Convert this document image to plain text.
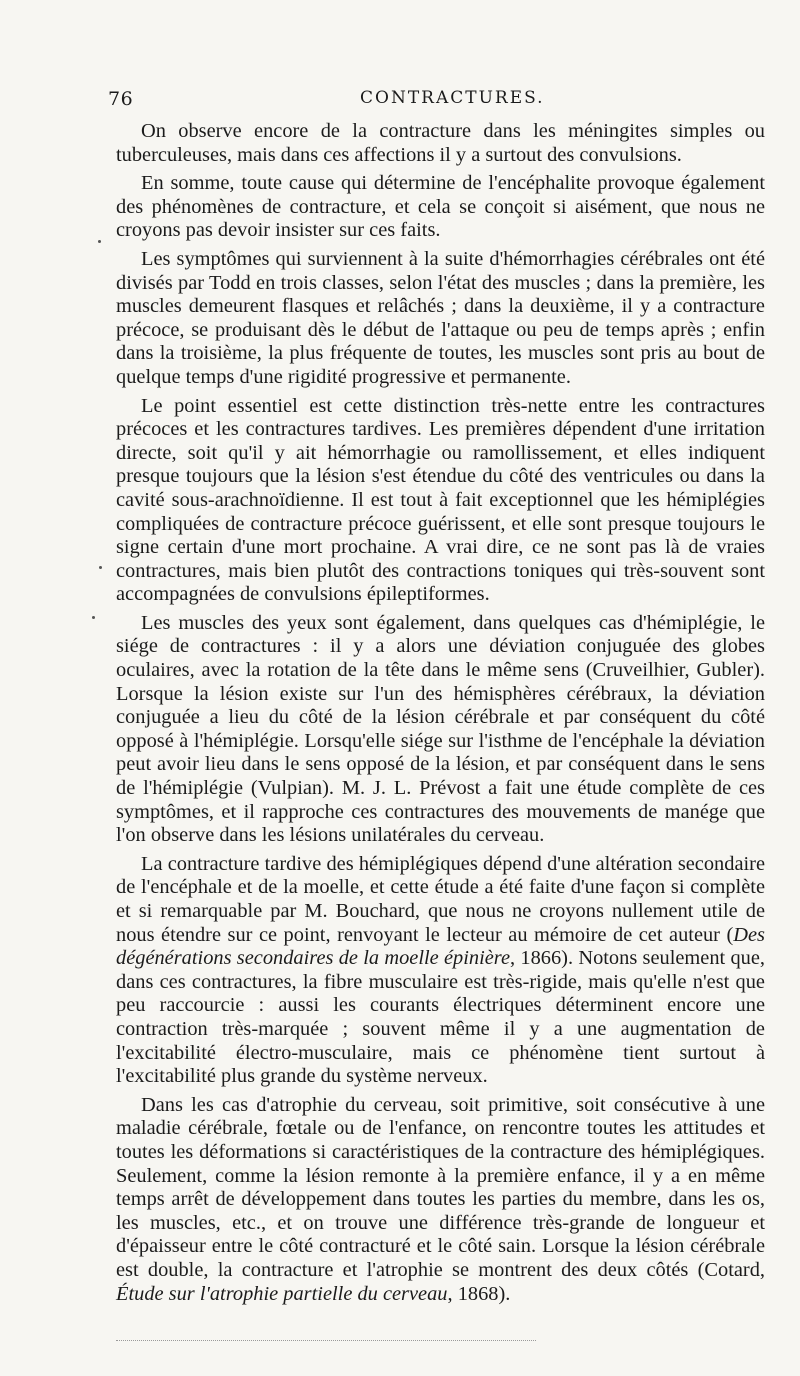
76	CONTRACTURES.

On observe encore de la contracture dans les méningites simples ou tuberculeuses, mais dans ces affections il y a surtout des convulsions.

En somme, toute cause qui détermine de l'encéphalite provoque également des phénomènes de contracture, et cela se conçoit si aisément, que nous ne croyons pas devoir insister sur ces faits.

Les symptômes qui surviennent à la suite d'hémorrhagies cérébrales ont été divisés par Todd en trois classes, selon l'état des muscles ; dans la première, les muscles demeurent flasques et relâchés ; dans la deuxième, il y a contracture précoce, se produisant dès le début de l'attaque ou peu de temps après ; enfin dans la troisième, la plus fréquente de toutes, les muscles sont pris au bout de quelque temps d'une rigidité progressive et permanente.

Le point essentiel est cette distinction très-nette entre les contractures précoces et les contractures tardives. Les premières dépendent d'une irritation directe, soit qu'il y ait hémorrhagie ou ramollissement, et elles indiquent presque toujours que la lésion s'est étendue du côté des ventricules ou dans la cavité sous-arachnoïdienne. Il est tout à fait exceptionnel que les hémiplégies compliquées de contracture précoce guérissent, et elle sont presque toujours le signe certain d'une mort prochaine. A vrai dire, ce ne sont pas là de vraies contractures, mais bien plutôt des contractions toniques qui très-souvent sont accompagnées de convulsions épileptiformes.

Les muscles des yeux sont également, dans quelques cas d'hémiplégie, le siége de contractures : il y a alors une déviation conjuguée des globes oculaires, avec la rotation de la tête dans le même sens (Cruveilhier, Gubler). Lorsque la lésion existe sur l'un des hémisphères cérébraux, la déviation conjuguée a lieu du côté de la lésion cérébrale et par conséquent du côté opposé à l'hémiplégie. Lorsqu'elle siége sur l'isthme de l'encéphale la déviation peut avoir lieu dans le sens opposé de la lésion, et par conséquent dans le sens de l'hémiplégie (Vulpian). M. J. L. Prévost a fait une étude complète de ces symptômes, et il rapproche ces contractures des mouvements de manége que l'on observe dans les lésions unilatérales du cerveau.

La contracture tardive des hémiplégiques dépend d'une altération secondaire de l'encéphale et de la moelle, et cette étude a été faite d'une façon si complète et si remarquable par M. Bouchard, que nous ne croyons nullement utile de nous étendre sur ce point, renvoyant le lecteur au mémoire de cet auteur (Des dégénérations secondaires de la moelle épinière, 1866). Notons seulement que, dans ces contractures, la fibre musculaire est très-rigide, mais qu'elle n'est que peu raccourcie : aussi les courants électriques déterminent encore une contraction très-marquée ; souvent même il y a une augmentation de l'excitabilité électro-musculaire, mais ce phénomène tient surtout à l'excitabilité plus grande du système nerveux.

Dans les cas d'atrophie du cerveau, soit primitive, soit consécutive à une maladie cérébrale, fœtale ou de l'enfance, on rencontre toutes les attitudes et toutes les déformations si caractéristiques de la contracture des hémiplégiques. Seulement, comme la lésion remonte à la première enfance, il y a en même temps arrêt de développement dans toutes les parties du membre, dans les os, les muscles, etc., et on trouve une différence très-grande de longueur et d'épaisseur entre le côté contracturé et le côté sain. Lorsque la lésion cérébrale est double, la contracture et l'atrophie se montrent des deux côtés (Cotard, Étude sur l'atrophie partielle du cerveau, 1868).
